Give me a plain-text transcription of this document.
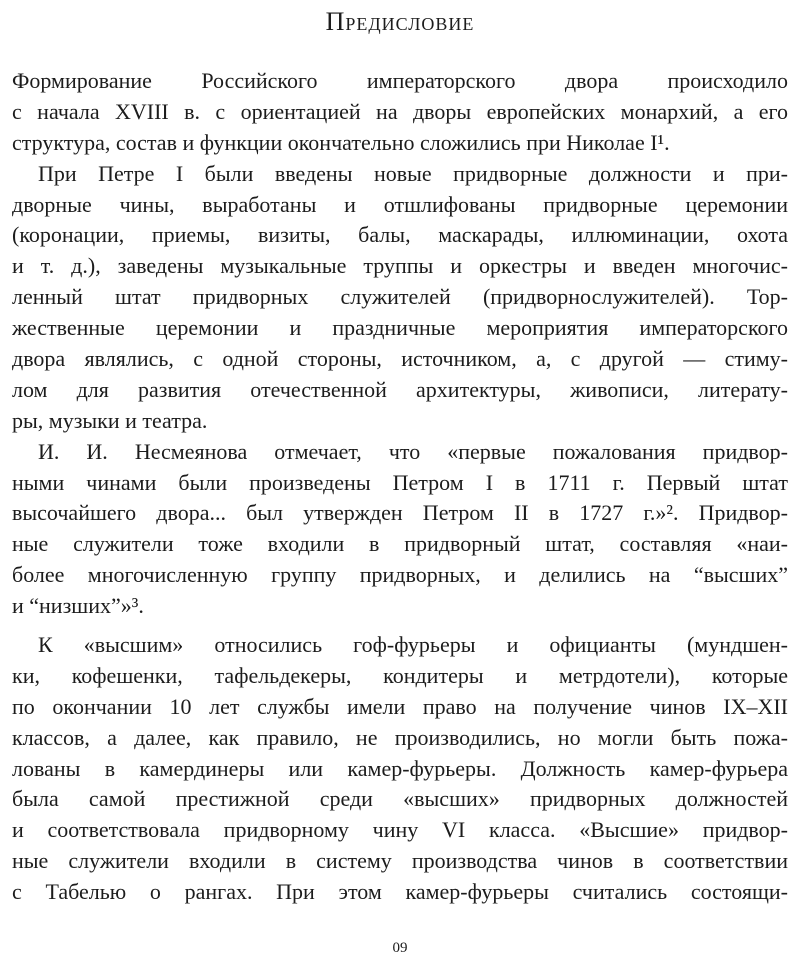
Предисловие
Формирование Российского императорского двора происходило
с начала XVIII в. с ориентацией на дворы европейских монархий, а его
структура, состав и функции окончательно сложились при Николае I¹.
При Петре I были введены новые придворные должности и при-
дворные чины, выработаны и отшлифованы придворные церемонии
(коронации, приемы, визиты, балы, маскарады, иллюминации, охота
и т. д.), заведены музыкальные труппы и оркестры и введен многочис-
ленный штат придворных служителей (придворнослужителей). Тор-
жественные церемонии и праздничные мероприятия императорского
двора являлись, с одной стороны, источником, а, с другой — стиму-
лом для развития отечественной архитектуры, живописи, литерату-
ры, музыки и театра.
И. И. Несмеянова отмечает, что «первые пожалования придвор-
ными чинами были произведены Петром I в 1711 г. Первый штат
высочайшего двора... был утвержден Петром II в 1727 г.»². Придвор-
ные служители тоже входили в придворный штат, составляя «наи-
более многочисленную группу придворных, и делились на “высших”
и “низших”»³.
К «высшим» относились гоф-фурьеры и официанты (мундшен-
ки, кофешенки, тафельдекеры, кондитеры и метрдотели), которые
по окончании 10 лет службы имели право на получение чинов IX–XII
классов, а далее, как правило, не производились, но могли быть пожа-
лованы в камердинеры или камер-фурьеры. Должность камер-фурьера
была самой престижной среди «высших» придворных должностей
и соответствовала придворному чину VI класса. «Высшие» придвор-
ные служители входили в систему производства чинов в соответствии
с Табелью о рангах. При этом камер-фурьеры считались состоящи-
09
